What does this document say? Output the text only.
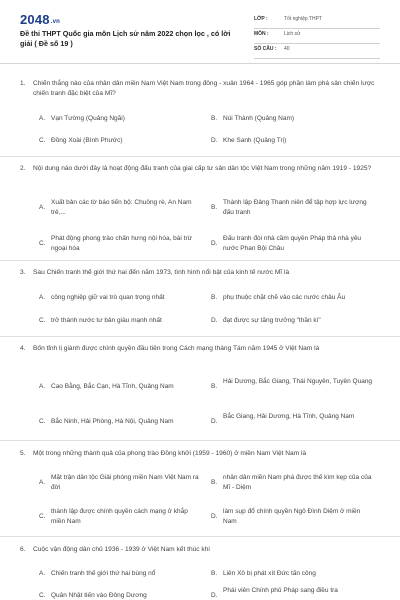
2048.vn
Đề thi THPT Quốc gia môn Lịch sử năm 2022 chọn lọc , có lời giải ( Đề số 19 )
LỚP :	Tốt nghiệp THPT
MÔN :	Lịch sử
SỐ CÂU : 40
1. Chiến thắng nào của nhân dân miền Nam Việt Nam trong đông - xuân 1964 - 1965 góp phần làm phá sản chiến lược chiến tranh đặc biệt của Mĩ?
A. Vạn Tường (Quảng Ngãi)	B. Núi Thành (Quảng Nam)
C. Đồng Xoài (Bình Phước)	D. Khe Sanh (Quảng Trị)
2. Nội dung nào dưới đây là hoạt động đấu tranh của giai cấp tư sản dân tộc Việt Nam trong những năm 1919 - 1925?
A.
Xuất bản các tờ báo tiến bộ: Chuông rè, An Nam trẻ,...
B.
Thành lập Đảng Thanh niên để tập hợp lực lượng đấu tranh
C.
Phát động phong trào chấn hưng nội hóa, bài trừ ngoại hóa
D.
Đấu tranh đòi nhà cầm quyền Pháp thả nhà yêu nước Phan Bội Châu
3. Sau Chiến tranh thế giới thứ hai đến năm 1973, tình hình nổi bật của kinh tế nước Mĩ là
A. công nghiệp giữ vai trò quan trọng nhất	B. phụ thuộc chặt chẽ vào các nước châu Âu
C. trở thành nước tư bản giàu mạnh nhất	D. đạt được sự tăng trưởng "thần kì"
4. Bốn tỉnh lị giành được chính quyền đầu tiên trong Cách mạng tháng Tám năm 1945 ở Việt Nam là
A. Cao Bằng, Bắc Cạn, Hà Tĩnh, Quảng Nam	B.
Hải Dương, Bắc Giang, Thái Nguyên, Tuyên Quang
C. Bắc Ninh, Hải Phòng, Hà Nội, Quảng Nam	D.
Bắc Giang, Hải Dương, Hà Tĩnh, Quảng Nam
5. Một trong những thành quả của phong trào Đồng khởi (1959 - 1960) ở miền Nam Việt Nam là
A.
Mặt trận dân tộc Giải phóng miền Nam Việt Nam ra đời
B.
nhân dân miền Nam phá được thế kìm kẹp của của Mĩ - Diệm
C.
thành lập được chính quyền cách mạng ở khắp miền Nam
D.
làm sụp đổ chính quyền Ngô Đình Diệm ở miền Nam
6. Cuộc vận động dân chủ 1936 - 1939 ở Việt Nam kết thúc khi
A. Chiến tranh thế giới thứ hai bùng nổ	B. Liên Xô bị phát xít Đức tấn công
C. Quân Nhật tiến vào Đông Dương	D.
Phái viên Chính phủ Pháp sang điều tra
